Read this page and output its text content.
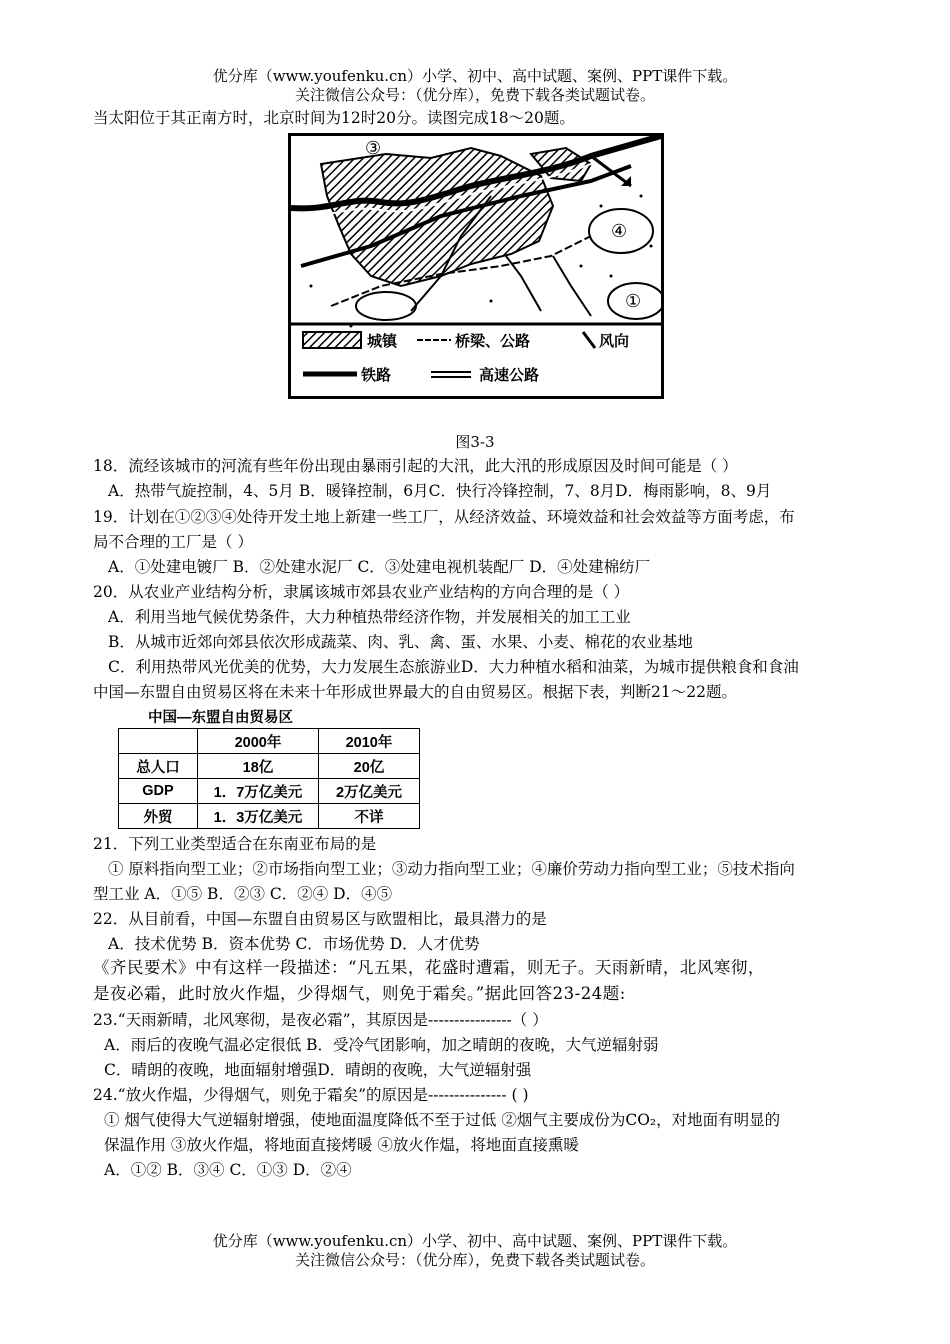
优分库（www.youfenku.cn）小学、初中、高中试题、案例、PPT课件下载。
关注微信公众号：（优分库），免费下载各类试题试卷。
当太阳位于其正南方时，北京时间为12时20分。读图完成18～20题。
③
④
①
城镇	桥梁、公路	风向
铁路	高速公路
图3-3
18．流经该城市的河流有些年份出现由暴雨引起的大汛，此大汛的形成原因及时间可能是（ ）
A．热带气旋控制，4、5月 B．暖锋控制，6月C．快行冷锋控制，7、8月D．梅雨影响，8、9月
19．计划在①②③④处待开发土地上新建一些工厂，从经济效益、环境效益和社会效益等方面考虑，布
局不合理的工厂是（ ）
A．①处建电镀厂 B．②处建水泥厂 C．③处建电视机装配厂 D．④处建棉纺厂
20．从农业产业结构分析，隶属该城市郊县农业产业结构的方向合理的是（ ）
A．利用当地气候优势条件，大力种植热带经济作物，并发展相关的加工工业
B．从城市近郊向郊县依次形成蔬菜、肉、乳、禽、蛋、水果、小麦、棉花的农业基地
C．利用热带风光优美的优势，大力发展生态旅游业D．大力种植水稻和油菜，为城市提供粮食和食油
中国—东盟自由贸易区将在未来十年形成世界最大的自由贸易区。根据下表，判断21～22题。
中国—东盟自由贸易区
	2000年	2010年
总人口	18亿	20亿
GDP	1．7万亿美元	2万亿美元
外贸	1．3万亿美元	不详
21．下列工业类型适合在东南亚布局的是
① 原料指向型工业；②市场指向型工业；③动力指向型工业；④廉价劳动力指向型工业；⑤技术指向
型工业 A．①⑤ B．②③ C．②④ D．④⑤
22．从目前看，中国—东盟自由贸易区与欧盟相比，最具潜力的是
A．技术优势 B．资本优势 C．市场优势 D．人才优势
《齐民要术》中有这样一段描述：“凡五果，花盛时遭霜，则无子。天雨新晴，北风寒彻，
是夜必霜，此时放火作煴，少得烟气，则免于霜矣。”据此回答23-24题:
23.“天雨新晴，北风寒彻，是夜必霜”，其原因是----------------（ ）
A．雨后的夜晚气温必定很低 B．受冷气团影响，加之晴朗的夜晚，大气逆辐射弱
C．晴朗的夜晚，地面辐射增强D．晴朗的夜晚，大气逆辐射强
24.“放火作煴，少得烟气，则免于霜矣”的原因是--------------- ( )
① 烟气使得大气逆辐射增强，使地面温度降低不至于过低 ②烟气主要成份为CO₂，对地面有明显的
保温作用 ③放火作煴，将地面直接烤暖 ④放火作煴，将地面直接熏暖
A．①② B．③④ C．①③ D．②④
优分库（www.youfenku.cn）小学、初中、高中试题、案例、PPT课件下载。
关注微信公众号：（优分库），免费下载各类试题试卷。
